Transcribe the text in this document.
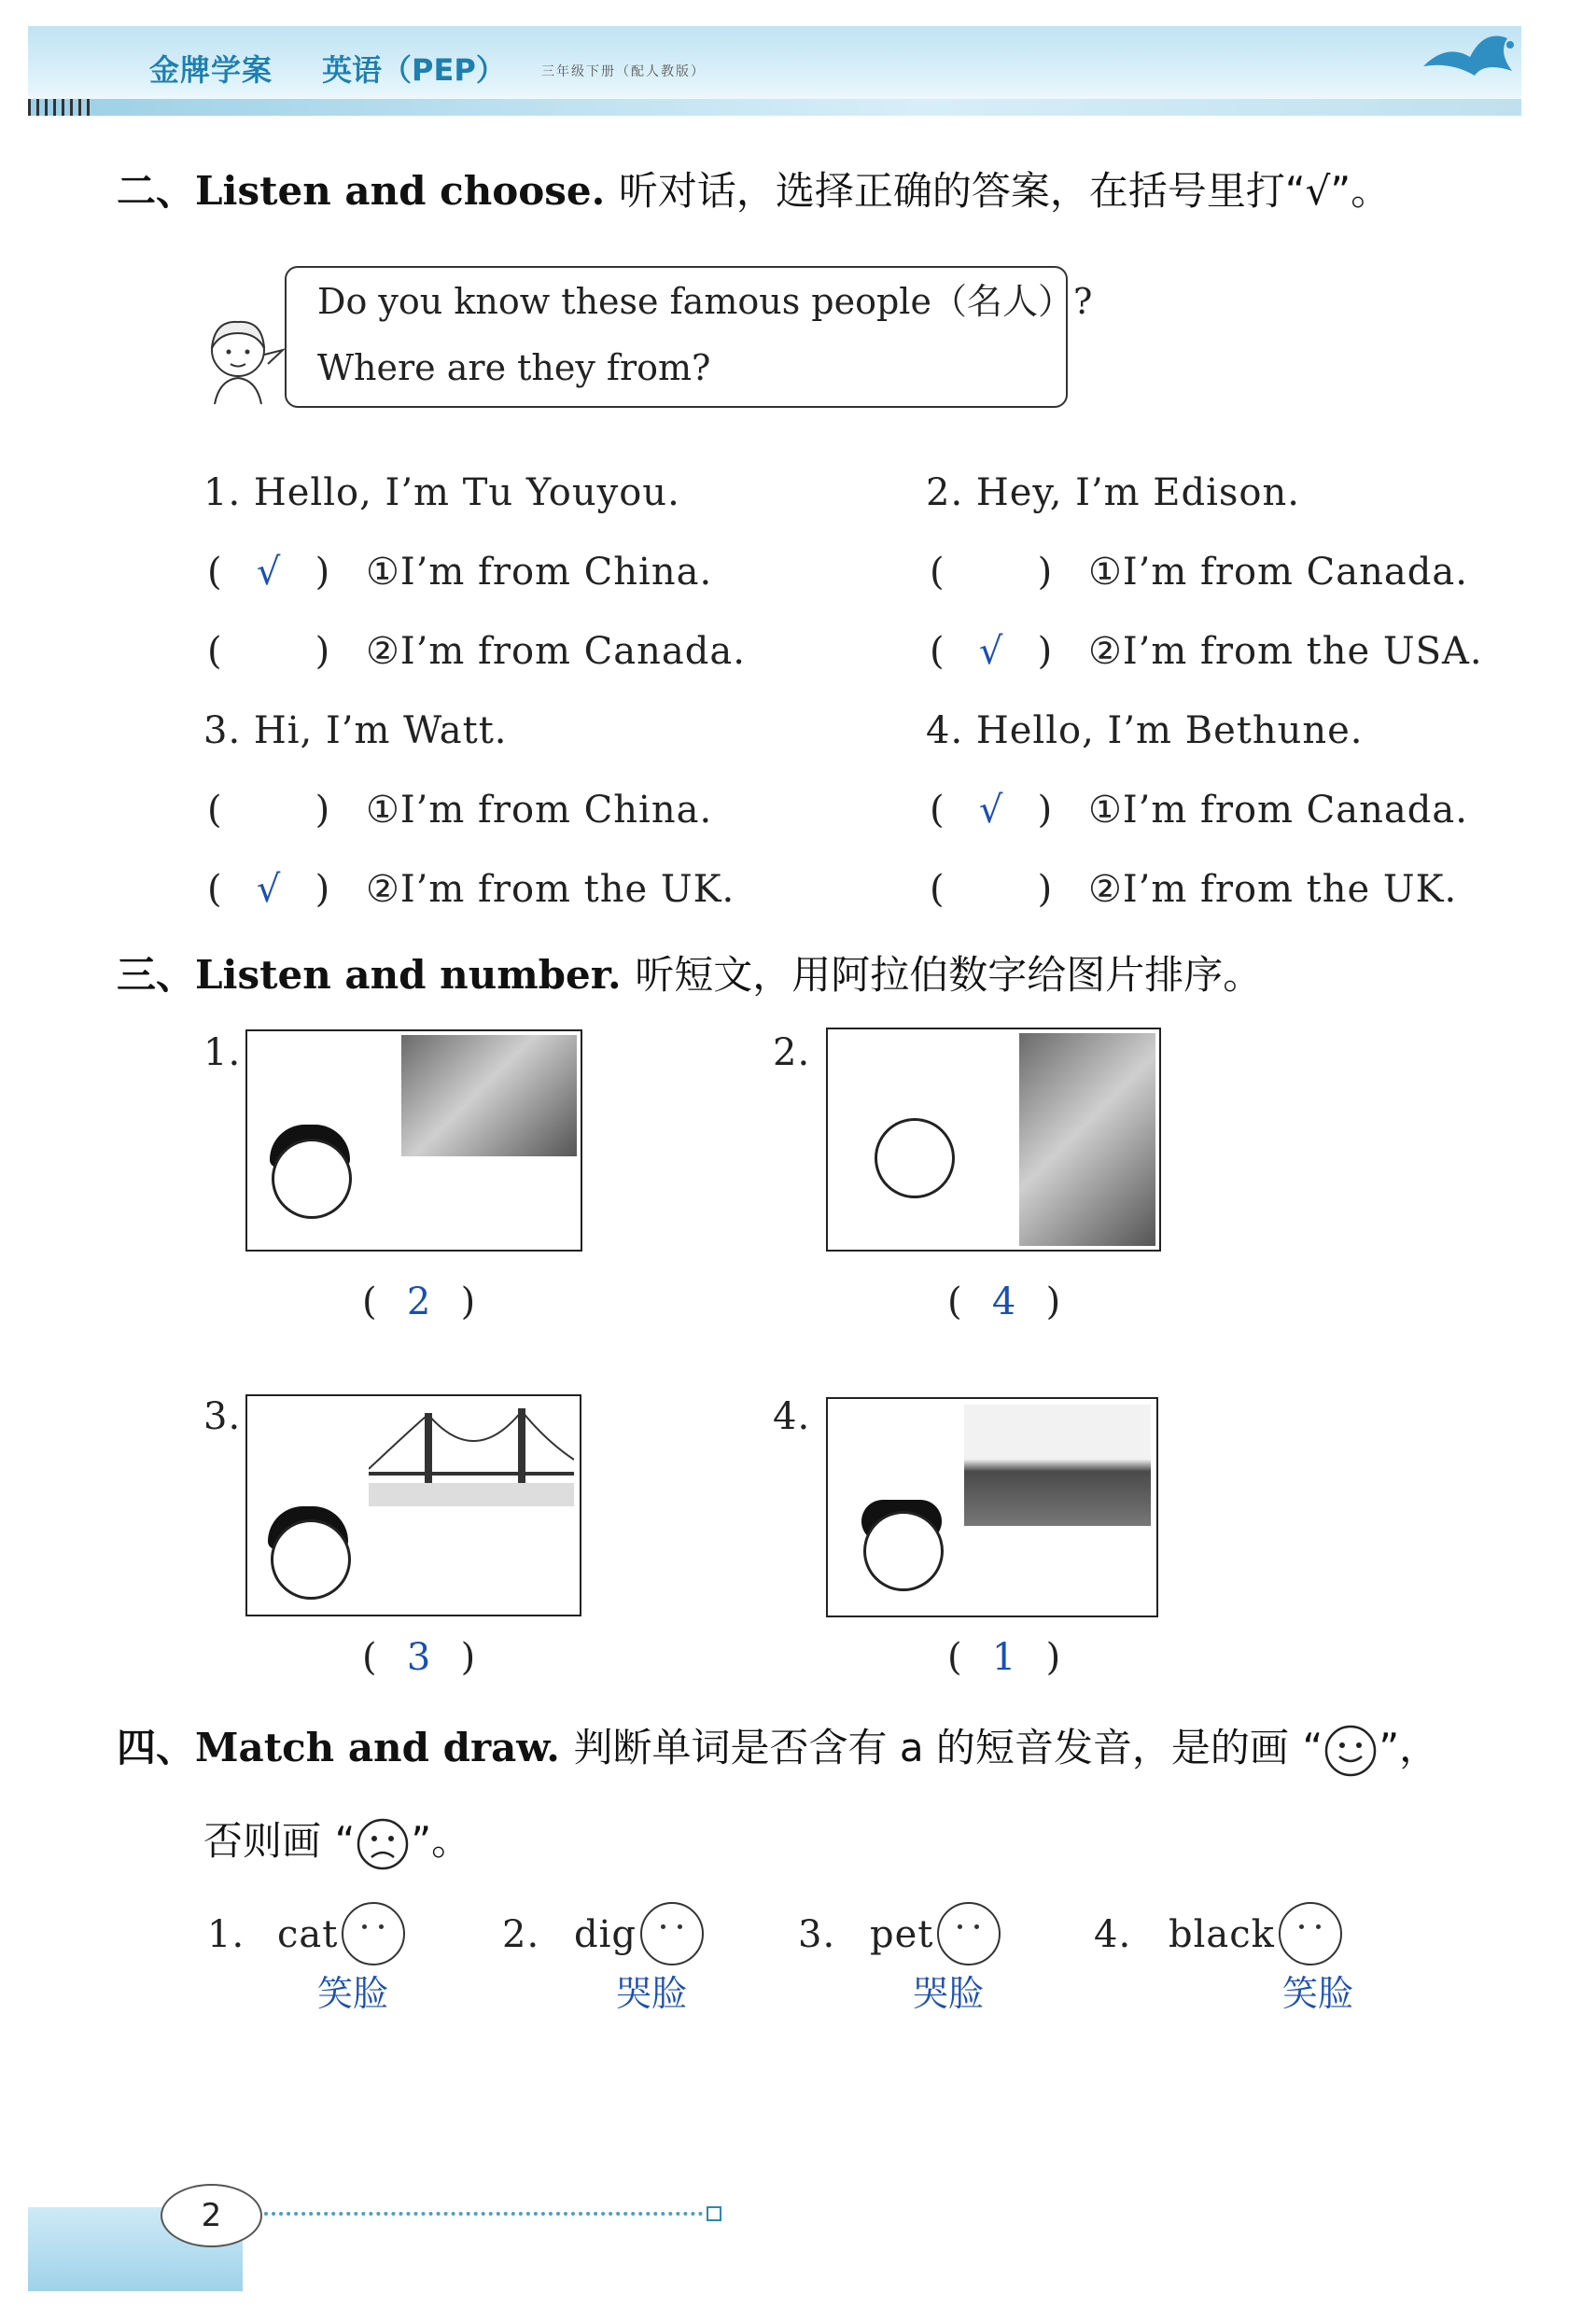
金牌学案 英语（PEP）	三年级下册（配人教版）
二、Listen and choose. 听对话，选择正确的答案，在括号里打“√”。
Do you know these famous people（名人）?
Where are they from?
1. Hello, I’m Tu Youyou.
( √ ) ①I’m from China.
(	) ②I’m from Canada.
2. Hey, I’m Edison.
(	) ①I’m from Canada.
( √ ) ②I’m from the USA.
3. Hi, I’m Watt.
(	) ①I’m from China.
( √ ) ②I’m from the UK.
4. Hello, I’m Bethune.
( √ ) ①I’m from Canada.
(	) ②I’m from the UK.
三、Listen and number. 听短文，用阿拉伯数字给图片排序。
1.
( 2 )
2.
( 4 )
3.
( 3 )
4.
( 1 )
四、Match and draw. 判断单词是否含有 a 的短音发音，是的画 “ ”，
否则画 “ ”。
1. cat
笑脸
2. dig
哭脸
3. pet
哭脸
4. black
笑脸
2
